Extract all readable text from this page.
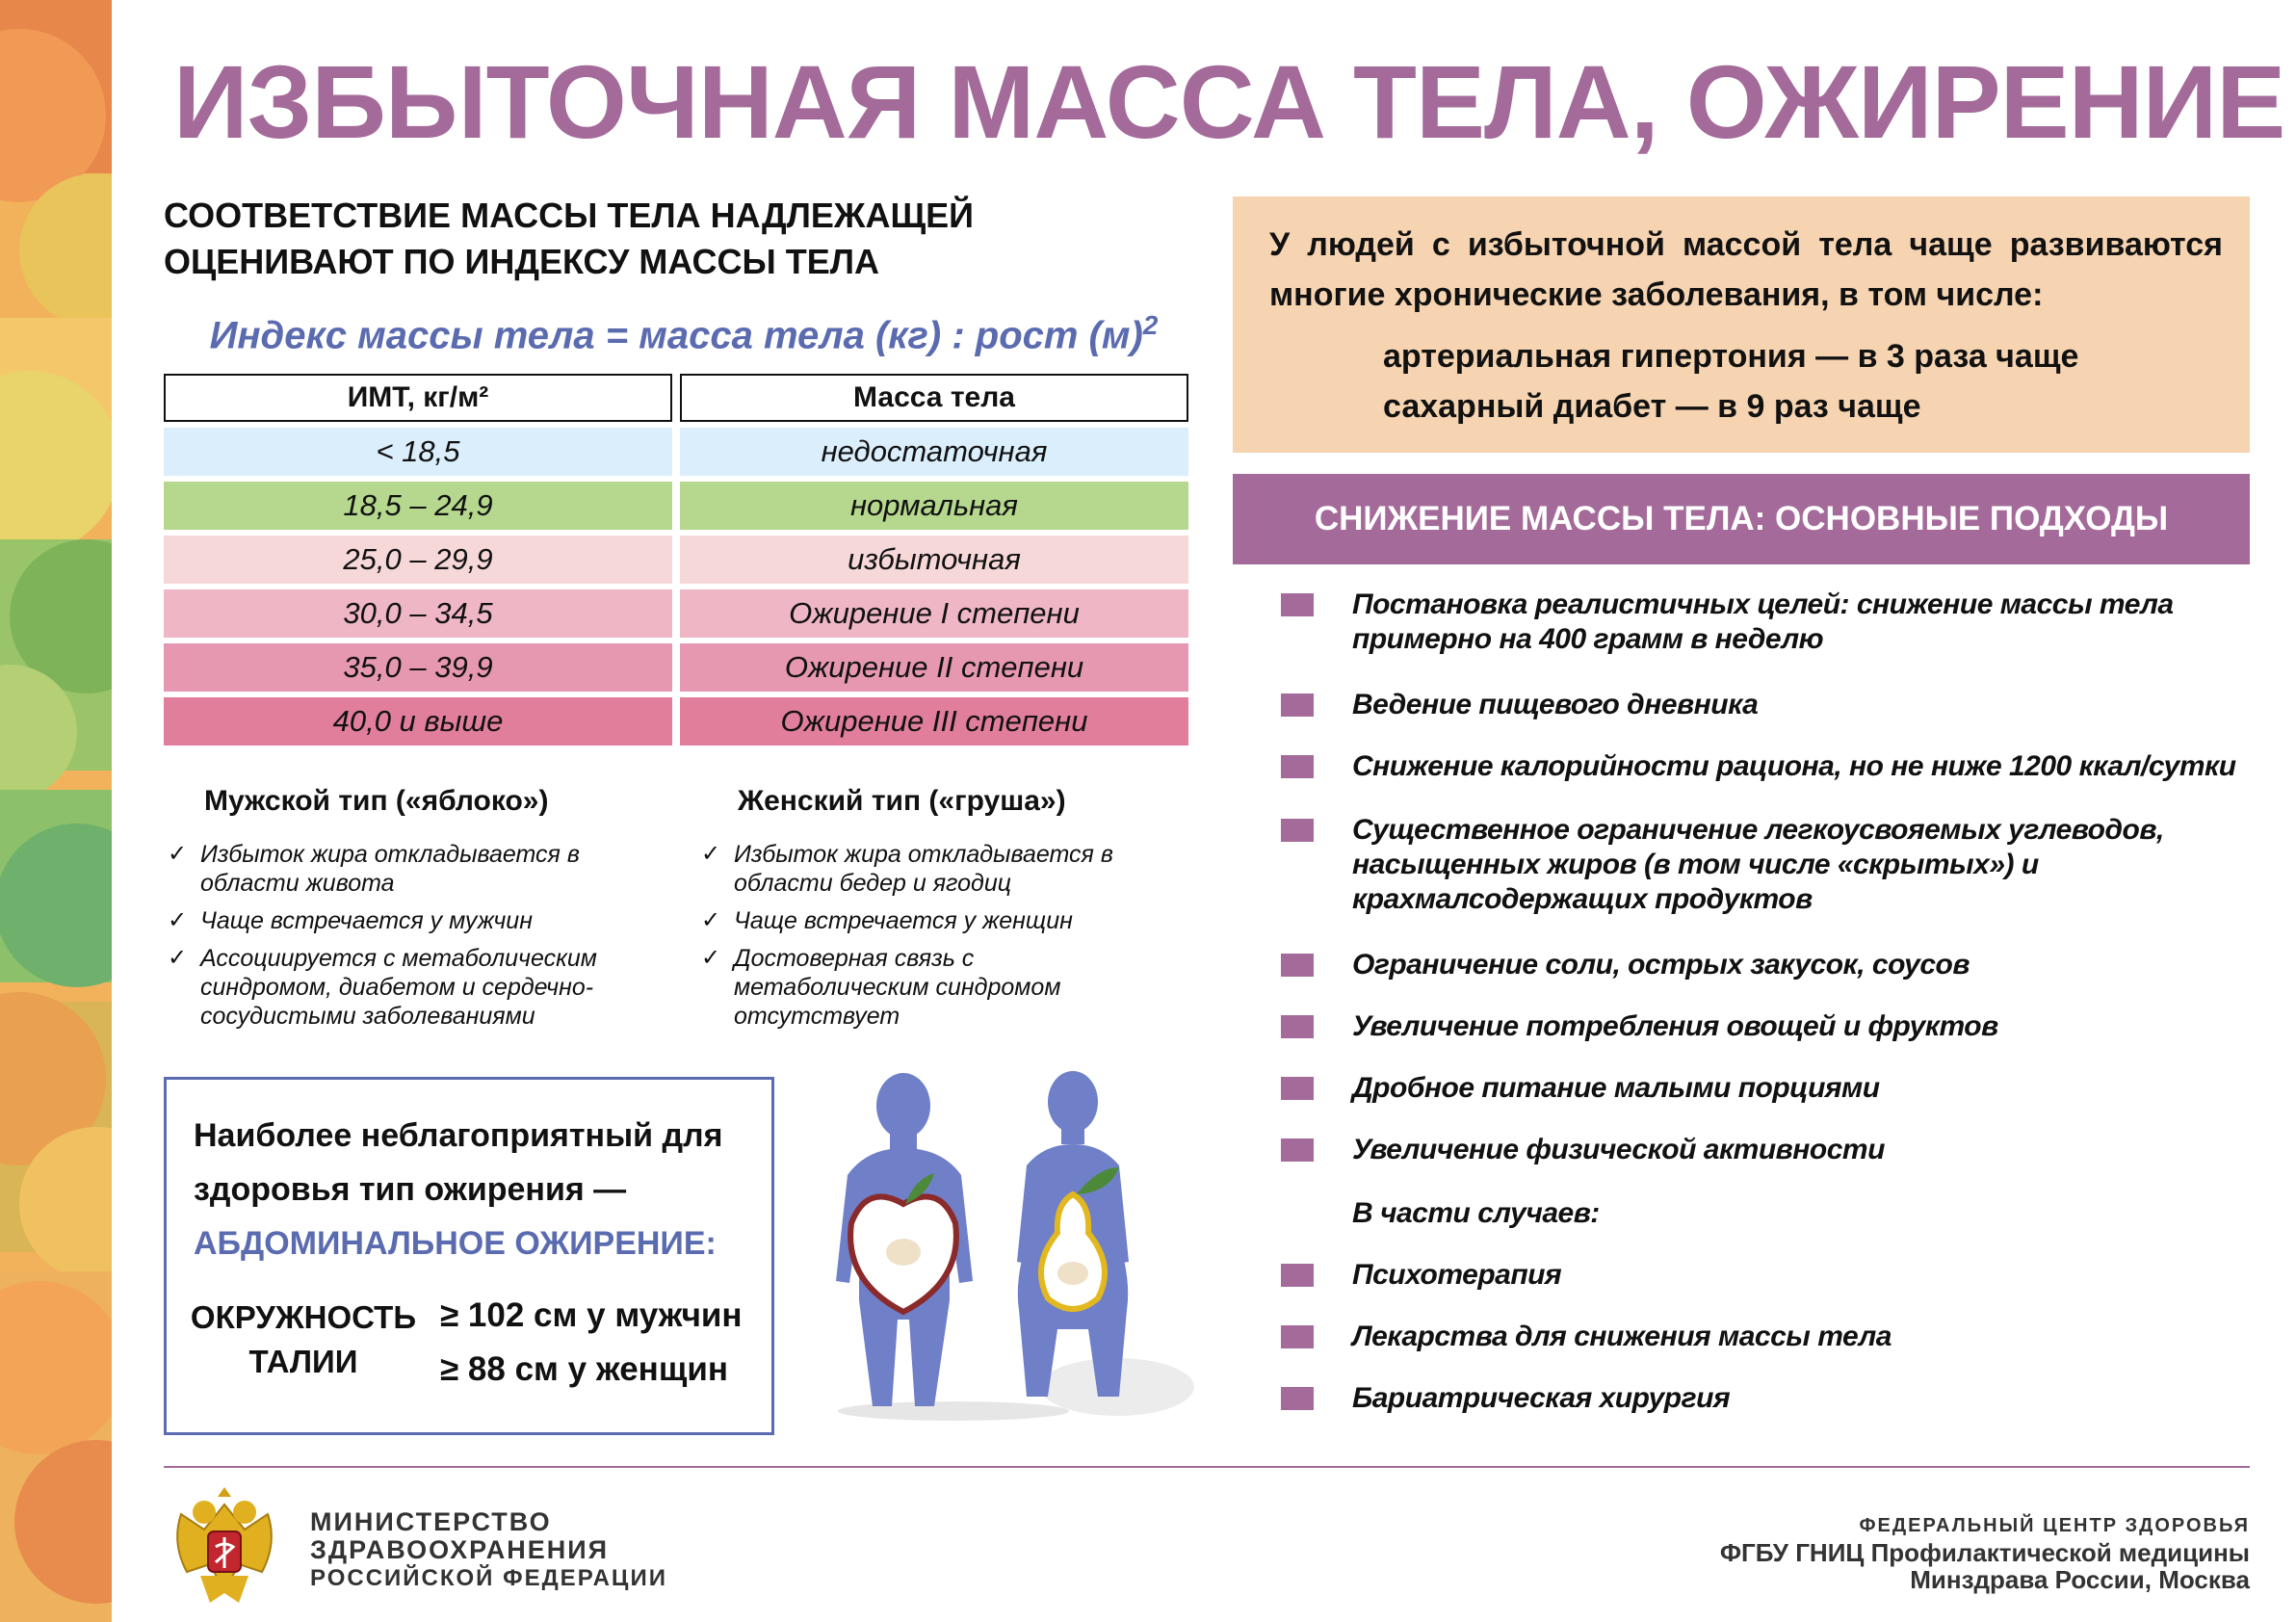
ИЗБЫТОЧНАЯ МАССА ТЕЛА, ОЖИРЕНИЕ
СООТВЕТСТВИЕ МАССЫ ТЕЛА НАДЛЕЖАЩЕЙ ОЦЕНИВАЮТ ПО ИНДЕКСУ МАССЫ ТЕЛА
Индекс массы тела = масса тела (кг) : рост $(м)^2$
ИМТ, кг/м²	Масса тела
< 18,5	недостаточная
18,5 – 24,9	нормальная
25,0 – 29,9	избыточная
30,0 – 34,5	Ожирение I степени
35,0 – 39,9	Ожирение II степени
40,0 и выше	Ожирение III степени
Мужской тип («яблоко»)
✓ Избыток жира откладывается в области живота
✓ Чаще встречается у мужчин
✓ Ассоциируется с метаболическим синдромом, диабетом и сердечно-сосудистыми заболеваниями
Женский тип («груша»)
✓ Избыток жира откладывается в области бедер и ягодиц
✓ Чаще встречается у женщин
✓ Достоверная связь с метаболическим синдромом отсутствует
Наиболее неблагоприятный для здоровья тип ожирения —
АБДОМИНАЛЬНОЕ ОЖИРЕНИЕ:
ОКРУЖНОСТЬ ТАЛИИ
≥ 102 см у мужчин
≥ 88 см у женщин
У людей с избыточной массой тела чаще развиваются многие хронические заболевания, в том числе:
артериальная гипертония — в 3 раза чаще
сахарный диабет — в 9 раз чаще
СНИЖЕНИЕ МАССЫ ТЕЛА: ОСНОВНЫЕ ПОДХОДЫ
Постановка реалистичных целей: снижение массы тела примерно на 400 грамм в неделю
Ведение пищевого дневника
Снижение калорийности рациона, но не ниже 1200 ккал/сутки
Существенное ограничение легкоусвояемых углеводов, насыщенных жиров (в том числе «скрытых») и крахмалсодержащих продуктов
Ограничение соли, острых закусок, соусов
Увеличение потребления овощей и фруктов
Дробное питание малыми порциями
Увеличение физической активности
В части случаев:
Психотерапия
Лекарства для снижения массы тела
Бариатрическая хирургия
МИНИСТЕРСТВО
ЗДРАВООХРАНЕНИЯ
РОССИЙСКОЙ ФЕДЕРАЦИИ
ФЕДЕРАЛЬНЫЙ ЦЕНТР ЗДОРОВЬЯ
ФГБУ ГНИЦ Профилактической медицины
Минздрава России, Москва
